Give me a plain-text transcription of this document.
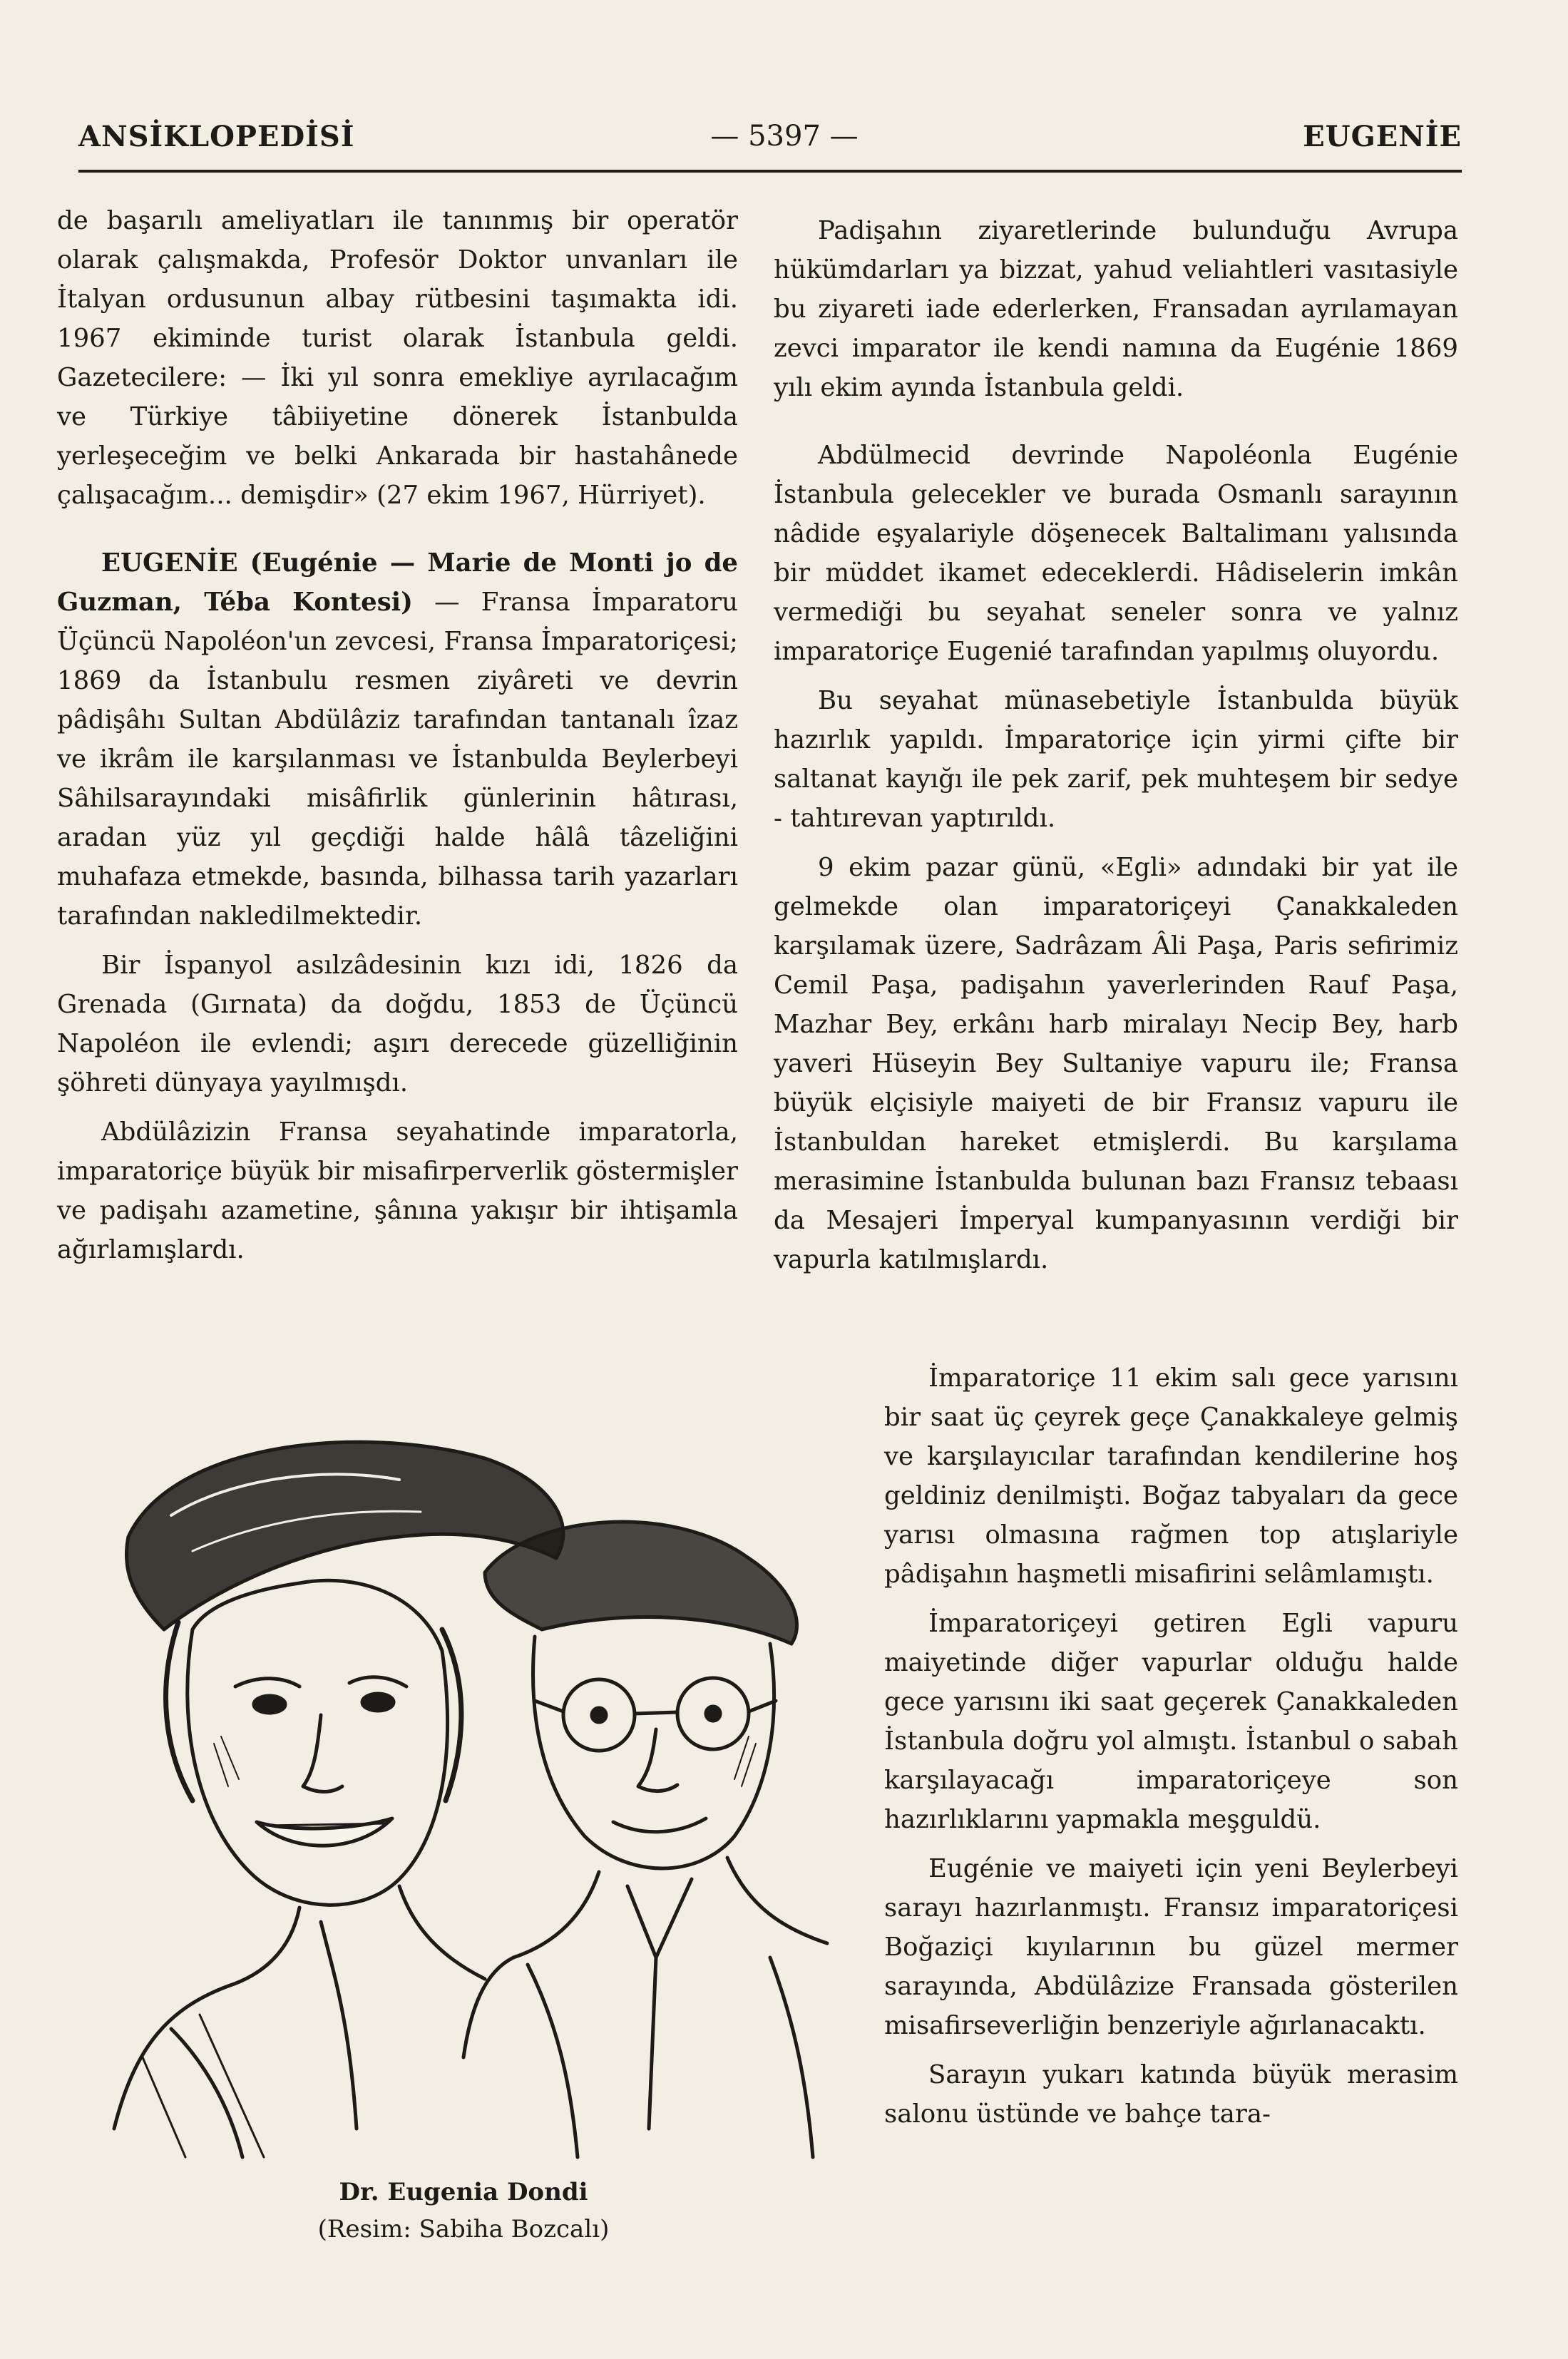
ANSİKLOPEDİSİ	— 5397 —	EUGENİE

de başarılı ameliyatları ile tanınmış bir operatör olarak çalışmakda, Profesör Doktor unvanları ile İtalyan ordusunun albay rütbesini taşımakta idi. 1967 ekiminde turist olarak İstanbula geldi. Gazetecilere: — İki yıl sonra emekliye ayrılacağım ve Türkiye tâbiiyetine dönerek İstanbulda yerleşeceğim ve belki Ankarada bir hastahânede çalışacağım... demişdir» (27 ekim 1967, Hürriyet).

EUGENİE (Eugénie — Marie de Monti jo de Guzman, Téba Kontesi) — Fransa İmparatoru Üçüncü Napoléon'un zevcesi, Fransa İmparatoriçesi; 1869 da İstanbulu resmen ziyâreti ve devrin pâdişâhı Sultan Abdülâziz tarafından tantanalı îzaz ve ikrâm ile karşılanması ve İstanbulda Beylerbeyi Sâhilsarayındaki misâfirlik günlerinin hâtırası, aradan yüz yıl geçdiği halde hâlâ tâzeliğini muhafaza etmekde, basında, bilhassa tarih yazarları tarafından nakledilmektedir.

Bir İspanyol asılzâdesinin kızı idi, 1826 da Grenada (Gırnata) da doğdu, 1853 de Üçüncü Napoléon ile evlendi; aşırı derecede güzelliğinin şöhreti dünyaya yayılmışdı.

Abdülâzizin Fransa seyahatinde imparatorla, imparatoriçe büyük bir misafirperverlik göstermişler ve padişahı azametine, şânına yakışır bir ihtişamla ağırlamışlardı.

Padişahın ziyaretlerinde bulunduğu Avrupa hükümdarları ya bizzat, yahud veliahtleri vasıtasiyle bu ziyareti iade ederlerken, Fransadan ayrılamayan zevci imparator ile kendi namına da Eugénie 1869 yılı ekim ayında İstanbula geldi.

Abdülmecid devrinde Napoléonla Eugénie İstanbula gelecekler ve burada Osmanlı sarayının nâdide eşyalariyle döşenecek Baltalimanı yalısında bir müddet ikamet edeceklerdi. Hâdiselerin imkân vermediği bu seyahat seneler sonra ve yalnız imparatoriçe Eugenié tarafından yapılmış oluyordu.

Bu seyahat münasebetiyle İstanbulda büyük hazırlık yapıldı. İmparatoriçe için yirmi çifte bir saltanat kayığı ile pek zarif, pek muhteşem bir sedye - tahtırevan yaptırıldı.

9 ekim pazar günü, «Egli» adındaki bir yat ile gelmekde olan imparatoriçeyi Çanakkaleden karşılamak üzere, Sadrâzam Âli Paşa, Paris sefirimiz Cemil Paşa, padişahın yaverlerinden Rauf Paşa, Mazhar Bey, erkânı harb miralayı Necip Bey, harb yaveri Hüseyin Bey Sultaniye vapuru ile; Fransa büyük elçisiyle maiyeti de bir Fransız vapuru ile İstanbuldan hareket etmişlerdi. Bu karşılama merasimine İstanbulda bulunan bazı Fransız tebaası da Mesajeri İmperyal kumpanyasının verdiği bir vapurla katılmışlardı.

İmparatoriçe 11 ekim salı gece yarısını bir saat üç çeyrek geçe Çanakkaleye gelmiş ve karşılayıcılar tarafından kendilerine hoş geldiniz denilmişti. Boğaz tabyaları da gece yarısı olmasına rağmen top atışlariyle pâdişahın haşmetli misafirini selâmlamıştı.

İmparatoriçeyi getiren Egli vapuru maiyetinde diğer vapurlar olduğu halde gece yarısını iki saat geçerek Çanakkaleden İstanbula doğru yol almıştı. İstanbul o sabah karşılayacağı imparatoriçeye son hazırlıklarını yapmakla meşguldü.

Eugénie ve maiyeti için yeni Beylerbeyi sarayı hazırlanmıştı. Fransız imparatoriçesi Boğaziçi kıyılarının bu güzel mermer sarayında, Abdülâzize Fransada gösterilen misafirseverliğin benzeriyle ağırlanacaktı.

Sarayın yukarı katında büyük merasim salonu üstünde ve bahçe tara-

Dr. Eugenia Dondi
(Resim: Sabiha Bozcalı)
